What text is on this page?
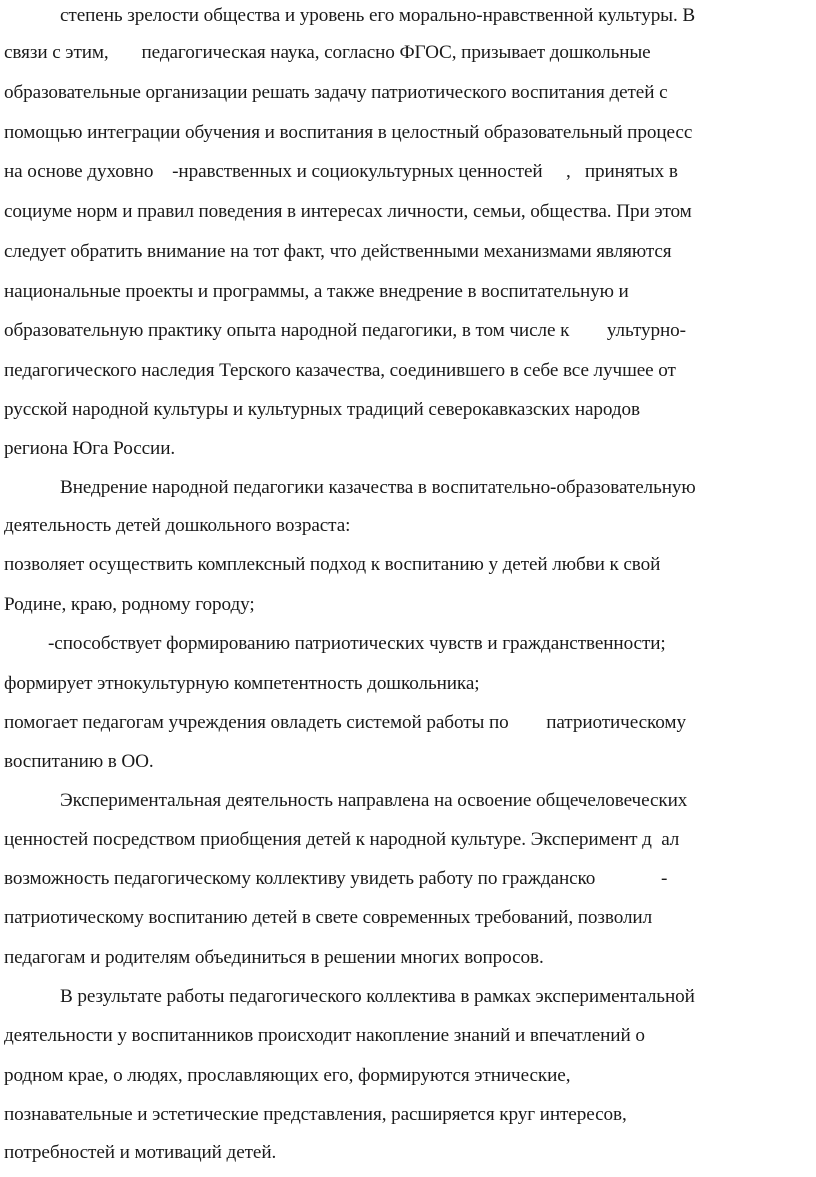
степень зрелости общества и уровень его морально-нравственной культуры. В
связи с этим,       педагогическая наука, согласно ФГОС, призывает дошкольные
образовательные организации решать задачу патриотического воспитания детей с
помощью интеграции обучения и воспитания в целостный образовательный процесс
на основе духовно    -нравственных и социокультурных ценностей     ,   принятых в
социуме норм и правил поведения в интересах личности, семьи, общества. При этом
следует обратить внимание на тот факт, что действенными механизмами являются
национальные проекты и программы, а также внедрение в воспитательную и
образовательную практику опыта народной педагогики, в том числе к        ультурно-
педагогического наследия Терского казачества, соединившего в себе все лучшее от
русской народной культуры и культурных традиций северокавказских народов
региона Юга России.
Внедрение народной педагогики казачества в воспитательно-образовательную
деятельность детей дошкольного возраста:
позволяет осуществить комплексный подход к воспитанию у детей любви к свой
Родине, краю, родному городу;
-способствует формированию патриотических чувств и гражданственности;
формирует этнокультурную компетентность дошкольника;
помогает педагогам учреждения овладеть системой работы по        патриотическому
воспитанию в ОО.
Экспериментальная деятельность направлена на освоение общечеловеческих
ценностей посредством приобщения детей к народной культуре. Эксперимент д  ал
возможность педагогическому коллективу увидеть работу по гражданско              -
патриотическому воспитанию детей в свете современных требований, позволил
педагогам и родителям объединиться в решении многих вопросов.
В результате работы педагогического коллектива в рамках экспериментальной
деятельности у воспитанников происходит накопление знаний и впечатлений о
родном крае, о людях, прославляющих его, формируются этнические,
познавательные и эстетические представления, расширяется круг интересов,
потребностей и мотиваций детей.
